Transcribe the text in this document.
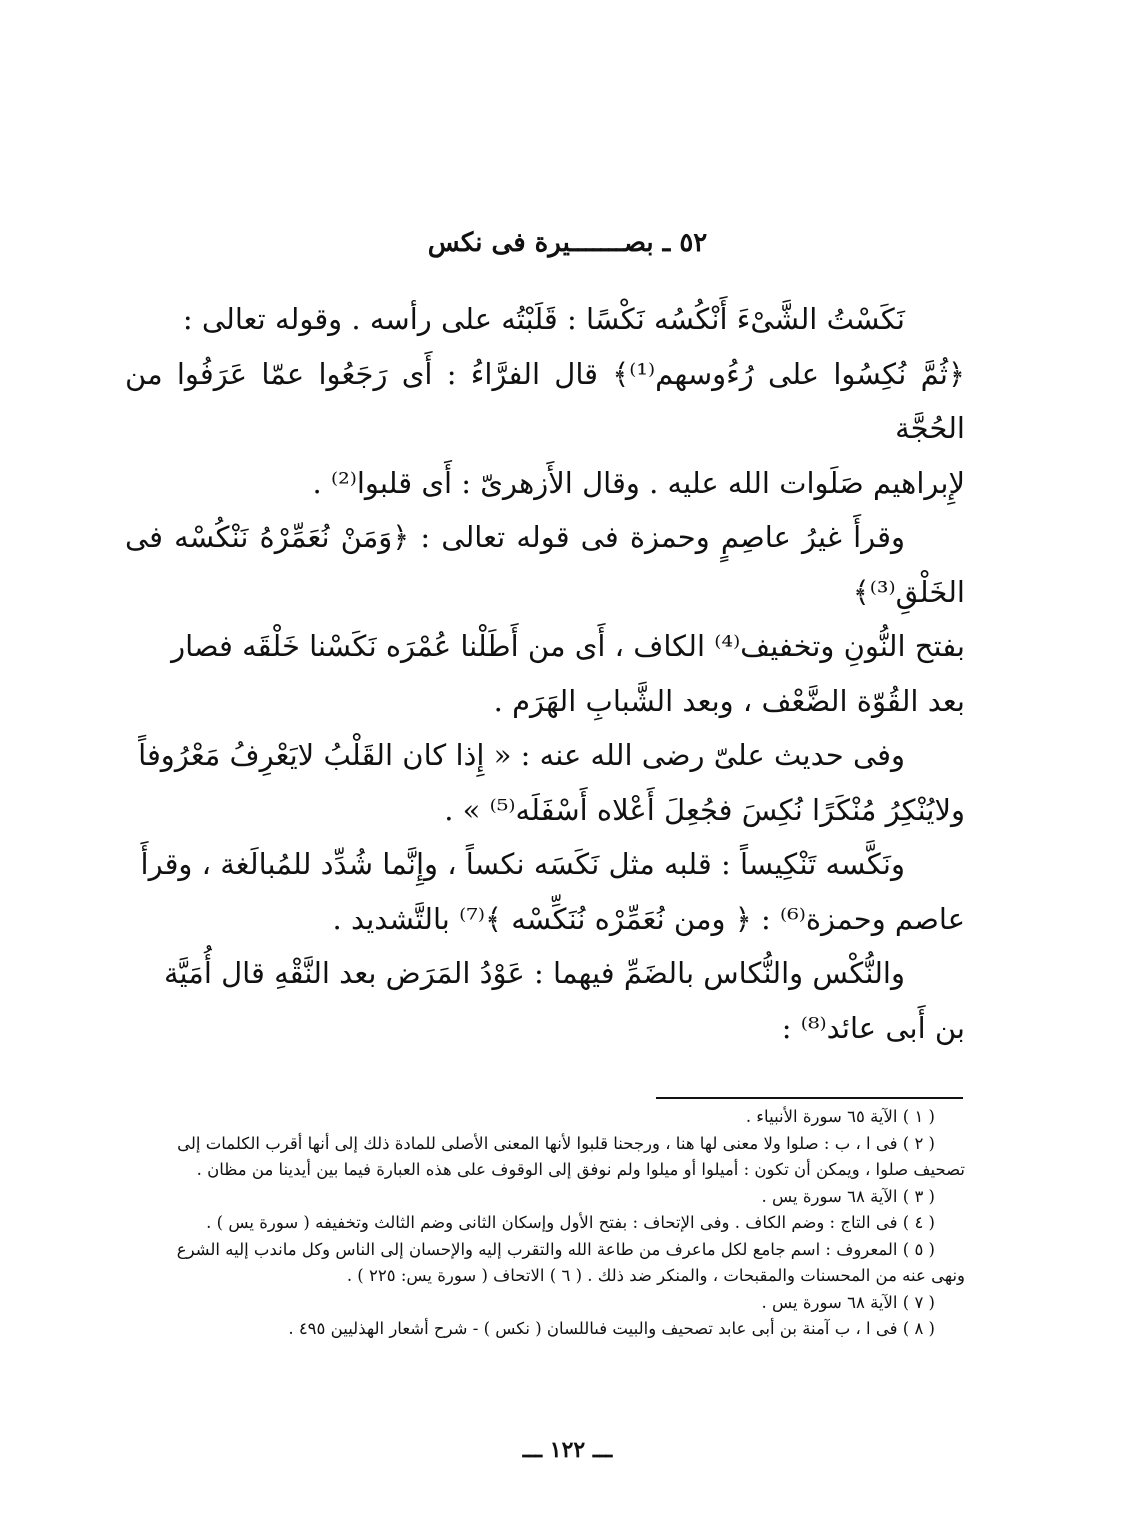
٥٢ ـ بصـــــــيرة فى نكس

نَكَسْتُ الشَّىْءَ أَنْكُسُه نَكْسًا : قَلَبْتُه على رأسه . وقوله تعالى :

﴿ثُمَّ نُكِسُوا على رُءُوسهم⁽¹⁾﴾ قال الفرَّاءُ : أَى رَجَعُوا عمّا عَرَفُوا من الحُجَّة

لإِبراهيم صَلَوات الله عليه . وقال الأَزهرىّ : أَى قلبوا⁽²⁾ .

وقرأَ غيرُ عاصِمٍ وحمزة فى قوله تعالى : ﴿وَمَنْ نُعَمِّرْهُ نَنْكُسْه فى الخَلْقِ⁽³⁾﴾

بفتح النُّونِ وتخفيف⁽⁴⁾ الكاف ، أَى من أَطَلْنا عُمْرَه نَكَسْنا خَلْقَه فصار

بعد القُوّة الضَّعْف ، وبعد الشَّبابِ الهَرَم .

وفى حديث علىّ رضى الله عنه : « إِذا كان القَلْبُ لايَعْرِفُ مَعْرُوفاً

ولايُنْكِرُ مُنْكَرًا نُكِسَ فجُعِلَ أَعْلاه أَسْفَلَه⁽⁵⁾ » .

ونَكَّسه تَنْكِيساً : قلبه مثل نَكَسَه نكساً ، وإِنَّما شُدِّد للمُبالَغة ، وقرأَ

عاصم وحمزة⁽⁶⁾ : ﴿ ومن نُعَمِّرْه نُنَكِّسْه ﴾⁽⁷⁾ بالتَّشديد .

والنُّكْس والنُّكاس بالضَمِّ فيهما : عَوْدُ المَرَض بعد النَّقْهِ قال أُمَيَّة

بن أَبى عائد⁽⁸⁾ :

( ١ ) الآية ٦٥ سورة الأنبياء .

( ٢ ) فى ا ، ب : صلوا ولا معنى لها هنا ، ورجحنا قلبوا لأنها المعنى الأصلى للمادة ذلك إلى أنها أقرب الكلمات إلى

تصحيف صلوا ، ويمكن أن تكون : أميلوا أو ميلوا ولم نوفق إلى الوقوف على هذه العبارة فيما بين أيدينا من مظان .

( ٣ ) الآية ٦٨ سورة يس .

( ٤ ) فى التاج : وضم الكاف . وفى الإتحاف : بفتح الأول وإسكان الثانى وضم الثالث وتخفيفه ( سورة يس ) .

( ٥ ) المعروف : اسم جامع لكل ماعرف من طاعة الله والتقرب إليه والإحسان إلى الناس وكل ماندب إليه الشرع

ونهى عنه من المحسنات والمقبحات ، والمنكر ضد ذلك . ( ٦ ) الاتحاف ( سورة يس: ٢٢٥ ) .

( ٧ ) الآية ٦٨ سورة يس .

( ٨ ) فى ا ، ب آمنة بن أبى عابد تصحيف والبيت فىاللسان ( نكس ) - شرح أشعار الهذليين ٤٩٥ .

ـــ ١٢٢ ـــ
